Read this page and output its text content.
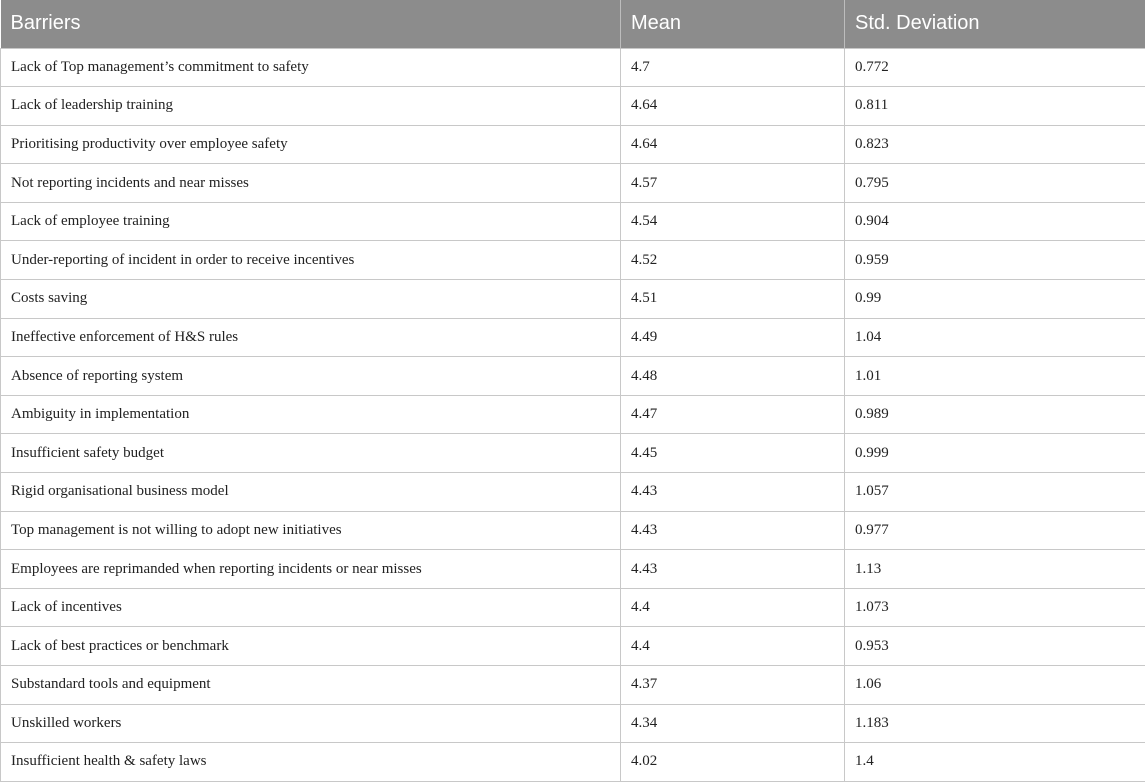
Barriers	Mean	Std. Deviation
Lack of Top management’s commitment to safety	4.7	0.772
Lack of leadership training	4.64	0.811
Prioritising productivity over employee safety	4.64	0.823
Not reporting incidents and near misses	4.57	0.795
Lack of employee training	4.54	0.904
Under-reporting of incident in order to receive incentives	4.52	0.959
Costs saving	4.51	0.99
Ineffective enforcement of H&S rules	4.49	1.04
Absence of reporting system	4.48	1.01
Ambiguity in implementation	4.47	0.989
Insufficient safety budget	4.45	0.999
Rigid organisational business model	4.43	1.057
Top management is not willing to adopt new initiatives	4.43	0.977
Employees are reprimanded when reporting incidents or near misses	4.43	1.13
Lack of incentives	4.4	1.073
Lack of best practices or benchmark	4.4	0.953
Substandard tools and equipment	4.37	1.06
Unskilled workers	4.34	1.183
Insufficient health & safety laws	4.02	1.4
